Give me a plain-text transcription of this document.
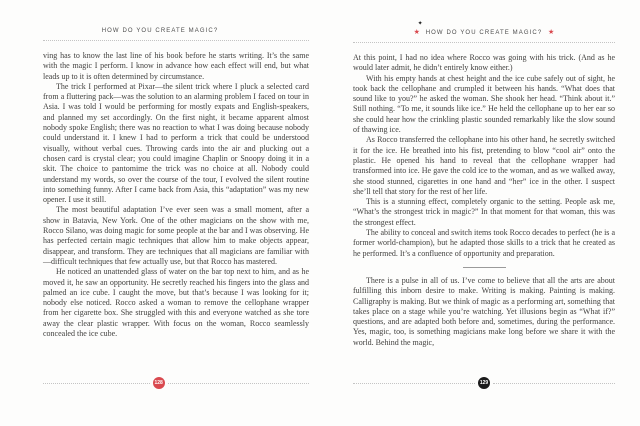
HOW DO YOU CREATE MAGIC?

ving has to know the last line of his book before he starts writing. It’s the same with the magic I perform. I know in advance how each effect will end, but what leads up to it is often determined by circumstance.

The trick I performed at Pixar—the silent trick where I pluck a selected card from a fluttering pack—was the solution to an alarming problem I faced on tour in Asia. I was told I would be performing for mostly expats and English-speakers, and planned my set accordingly. On the first night, it became apparent almost nobody spoke English; there was no reaction to what I was doing because nobody could understand it. I knew I had to perform a trick that could be understood visually, without verbal cues. Throwing cards into the air and plucking out a chosen card is crystal clear; you could imagine Chaplin or Snoopy doing it in a skit. The choice to pantomime the trick was no choice at all. Nobody could understand my words, so over the course of the tour, I evolved the silent routine into something funny. After I came back from Asia, this “adaptation” was my new opener. I use it still.

The most beautiful adaptation I’ve ever seen was a small moment, after a show in Batavia, New York. One of the other magicians on the show with me, Rocco Silano, was doing magic for some people at the bar and I was observing. He has perfected certain magic techniques that allow him to make objects appear, disappear, and transform. They are techniques that all magicians are familiar with—difficult techniques that few actually use, but that Rocco has mastered.

He noticed an unattended glass of water on the bar top next to him, and as he moved it, he saw an opportunity. He secretly reached his fingers into the glass and palmed an ice cube. I caught the move, but that’s because I was looking for it; nobody else noticed. Rocco asked a woman to remove the cellophane wrapper from her cigarette box. She struggled with this and everyone watched as she tore away the clear plastic wrapper. With focus on the woman, Rocco seamlessly concealed the ice cube.

128
✦
★ HOW DO YOU CREATE MAGIC? ★

At this point, I had no idea where Rocco was going with his trick. (And as he would later admit, he didn’t entirely know either.)

With his empty hands at chest height and the ice cube safely out of sight, he took back the cellophane and crumpled it between his hands. “What does that sound like to you?” he asked the woman. She shook her head. “Think about it.” Still nothing. “To me, it sounds like ice.” He held the cellophane up to her ear so she could hear how the crinkling plastic sounded remarkably like the slow sound of thawing ice.

As Rocco transferred the cellophane into his other hand, he secretly switched it for the ice. He breathed into his fist, pretending to blow “cool air” onto the plastic. He opened his hand to reveal that the cellophane wrapper had transformed into ice. He gave the cold ice to the woman, and as we walked away, she stood stunned, cigarettes in one hand and “her” ice in the other. I suspect she’ll tell that story for the rest of her life.

This is a stunning effect, completely organic to the setting. People ask me, “What’s the strongest trick in magic?” In that moment for that woman, this was the strongest effect.

The ability to conceal and switch items took Rocco decades to perfect (he is a former world-champion), but he adapted those skills to a trick that he created as he performed. It’s a confluence of opportunity and preparation.

There is a pulse in all of us. I’ve come to believe that all the arts are about fulfilling this inborn desire to make. Writing is making. Painting is making. Calligraphy is making. But we think of magic as a performing art, something that takes place on a stage while you’re watching. Yet illusions begin as “What if?” questions, and are adapted both before and, sometimes, during the performance. Yes, magic, too, is something magicians make long before we share it with the world. Behind the magic,

129
